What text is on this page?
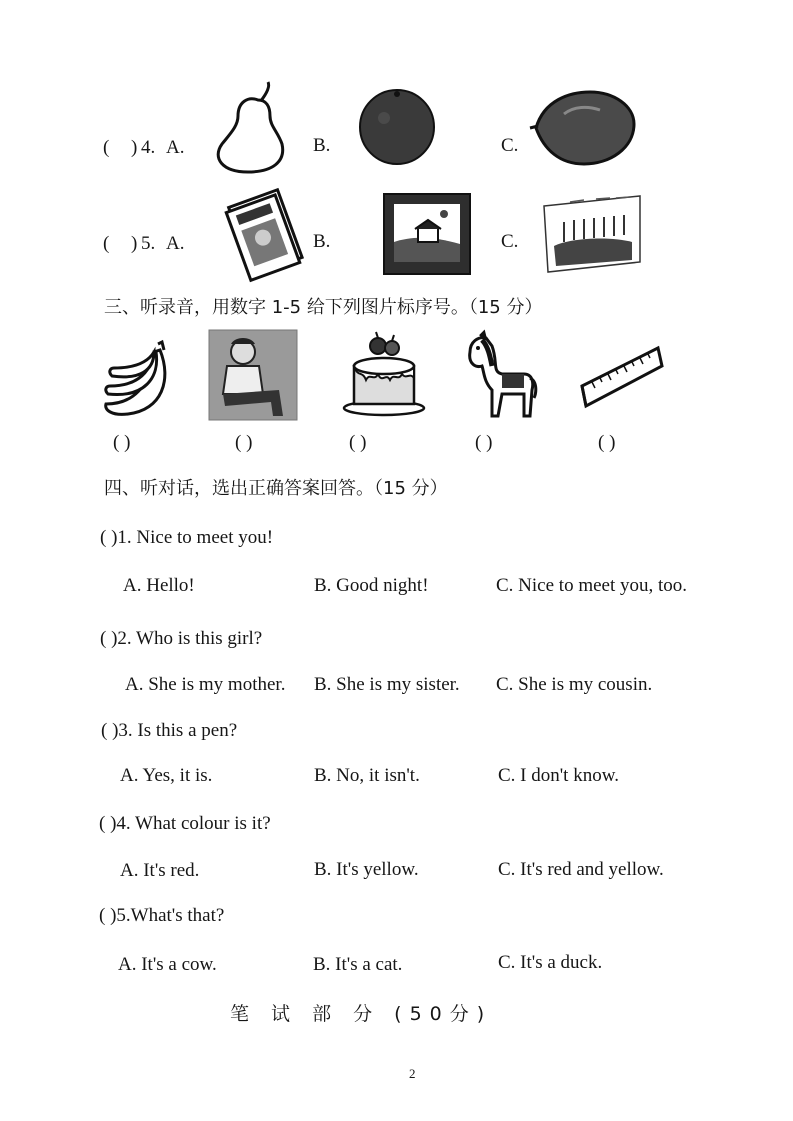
( ) 4. A.	B.	C.
( ) 5. A.	B.	C.
三、听录音，用数字 1-5 给下列图片标序号。（15 分）
( )	( )	( )	( )	( )
四、听对话，选出正确答案回答。（15 分）
( )1. Nice to meet you!
A. Hello!	B. Good night!	C. Nice to meet you, too.
( )2. Who is this girl?
A. She is my mother. B. She is my sister. C. She is my cousin.
( )3. Is this a pen?
A. Yes, it is.	B. No, it isn't.	C. I don't know.
( )4. What colour is it?
A. It's red.	B. It's yellow.	C. It's red and yellow.
( )5.What's that?
A. It's a cow.	B. It's a cat.	C. It's a duck.
笔 试 部 分 (50分)
2
